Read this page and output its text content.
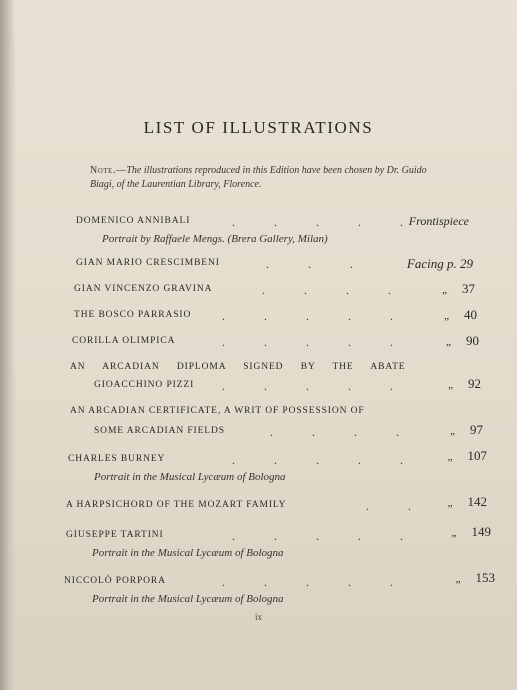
LIST OF ILLUSTRATIONS
Note.—The illustrations reproduced in this Edition have been chosen by Dr. Guido Biagi, of the Laurentian Library, Florence.
DOMENICO ANNIBALI	. . . . . Frontispiece
Portrait by Raffaele Mengs. (Brera Gallery, Milan)
GIAN MARIO CRESCIMBENI	. . .	Facing p. 29
GIAN VINCENZO GRAVINA	. . . .	„ 37
THE BOSCO PARRASIO	. . . . .	„ 40
CORILLA OLIMPICA	. . . . .	„ 90
AN ARCADIAN DIPLOMA SIGNED BY THE ABATE
GIOACCHINO PIZZI . . . . .	„ 92
AN ARCADIAN CERTIFICATE, A WRIT OF POSSESSION OF
SOME ARCADIAN FIELDS	. . . .	„ 97
CHARLES BURNEY	. . . . .	„ 107
Portrait in the Musical Lycæum of Bologna
A HARPSICHORD OF THE MOZART FAMILY	. .	„ 142
GIUSEPPE TARTINI	. . . . .	„ 149
Portrait in the Musical Lycæum of Bologna
NICCOLÒ PORPORA	. . . . .	„ 153
Portrait in the Musical Lycæum of Bologna
ix
